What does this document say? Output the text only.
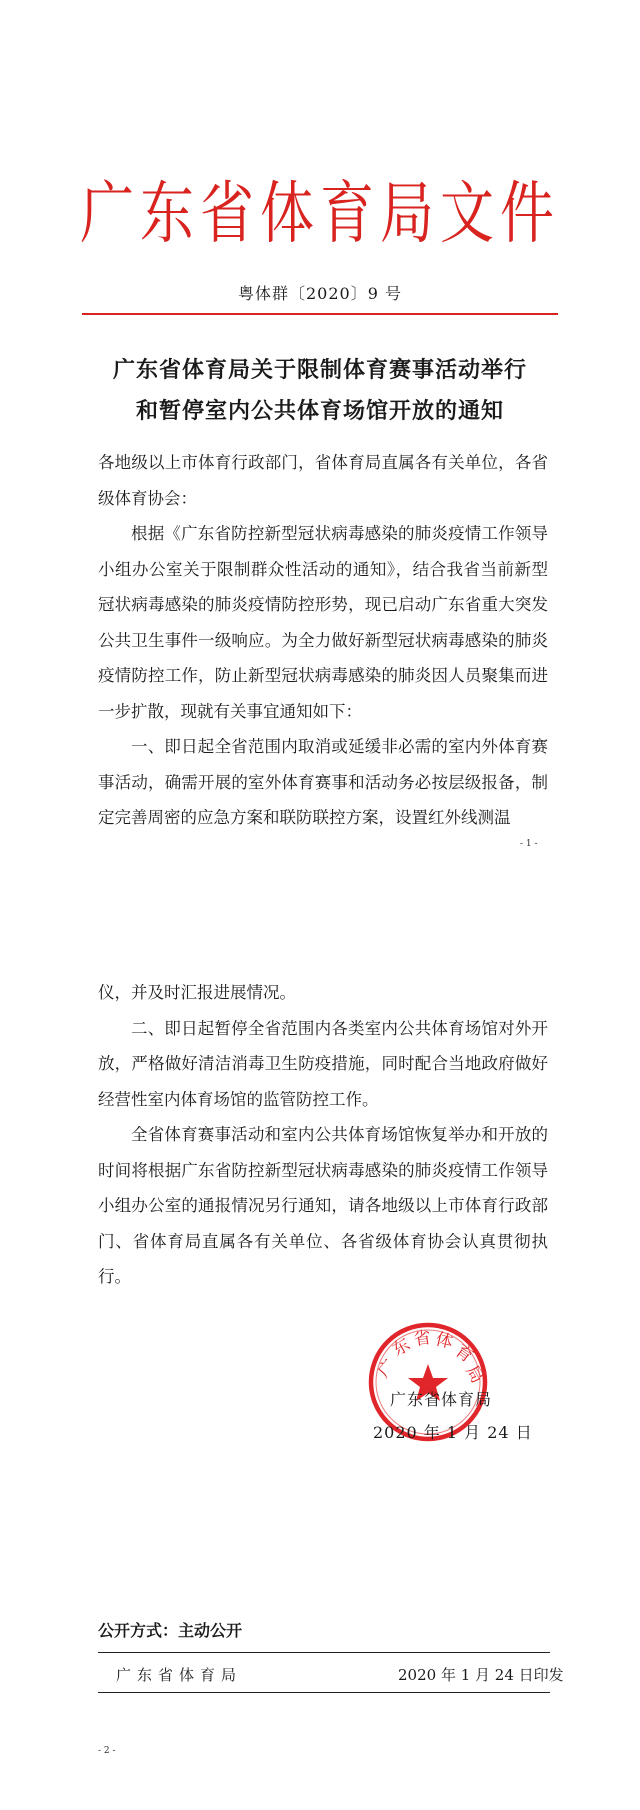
广东省体育局文件
粤体群〔2020〕9 号
广东省体育局关于限制体育赛事活动举行
和暂停室内公共体育场馆开放的通知

各地级以上市体育行政部门，省体育局直属各有关单位，各省级体育协会：

根据《广东省防控新型冠状病毒感染的肺炎疫情工作领导小组办公室关于限制群众性活动的通知》，结合我省当前新型冠状病毒感染的肺炎疫情防控形势，现已启动广东省重大突发公共卫生事件一级响应。为全力做好新型冠状病毒感染的肺炎疫情防控工作，防止新型冠状病毒感染的肺炎因人员聚集而进一步扩散，现就有关事宜通知如下：

一、即日起全省范围内取消或延缓非必需的室内外体育赛事活动，确需开展的室外体育赛事和活动务必按层级报备，制定完善周密的应急方案和联防联控方案，设置红外线测温

- 1 -

仪，并及时汇报进展情况。

二、即日起暂停全省范围内各类室内公共体育场馆对外开放，严格做好清洁消毒卫生防疫措施，同时配合当地政府做好经营性室内体育场馆的监管防控工作。

全省体育赛事活动和室内公共体育场馆恢复举办和开放的时间将根据广东省防控新型冠状病毒感染的肺炎疫情工作领导小组办公室的通报情况另行通知，请各地级以上市体育行政部门、省体育局直属各有关单位、各省级体育协会认真贯彻执行。

广
东
省 体
育
局
广东省体育局
2020 年 1 月 24 日
公开方式：主动公开
广东省体育局	2020 年 1 月 24 日印发
- 2 -
